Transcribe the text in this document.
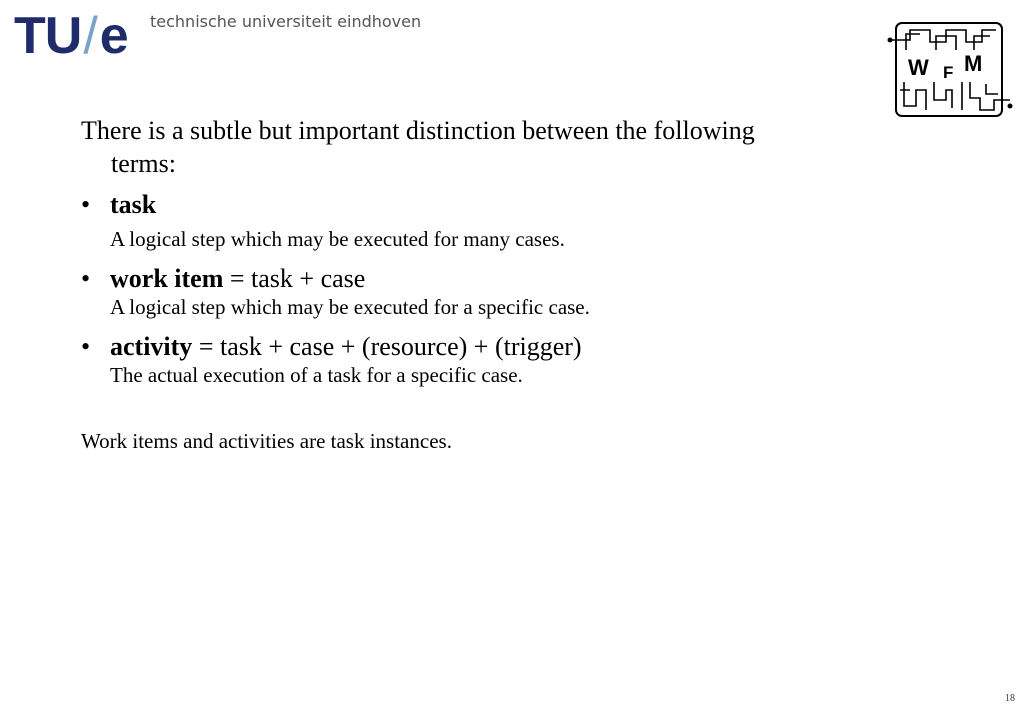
TU/e technische universiteit eindhoven
W F M
There is a subtle but important distinction between the following terms:
• task
A logical step which may be executed for many cases.
• work item = task + case
A logical step which may be executed for a specific case.
• activity = task + case + (resource) + (trigger)
The actual execution of a task for a specific case.
Work items and activities are task instances.
18
